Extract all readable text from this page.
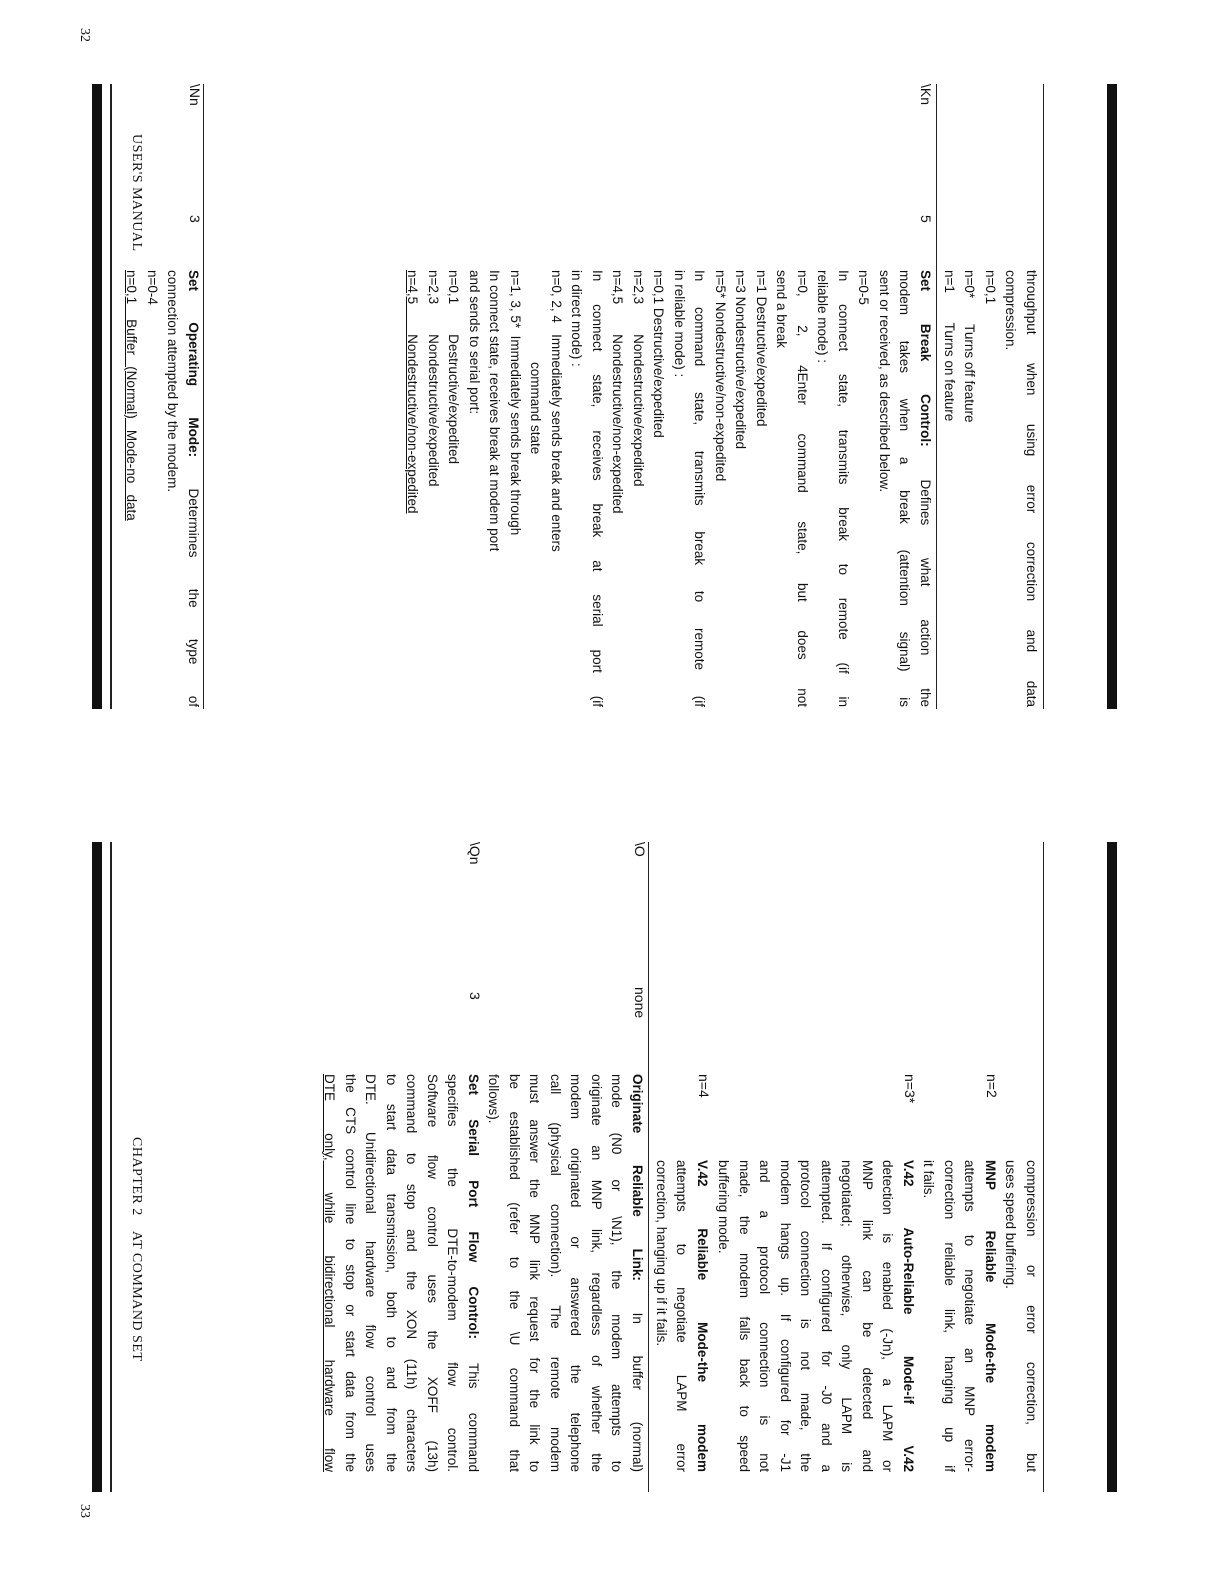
throughput when using error correction and data
compression.
n=0,1
n=0*       Turns off feature
n=1        Turns on feature
\Kn
5
Set Break Control: Defines what action the
modem takes when a break (attention signal) is
sent or received, as described below.
n=0-5
In connect state, transmits break to remote (if in
reliable mode) :
n=0, 2, 4Enter command state, but does not
send a break
n=1 Destructive/expedited
n=3 Nondestructive/expedited
n=5* Nondestructive/non-expedited
In command state, transmits break to remote (if
in reliable mode) :
n=0,1 Destructive/expedited
n=2,3        Nondestructive/expedited
n=4,5        Nondestructive/non-expedited
In connect state, receives break at serial port (if
in direct mode) :
n=0, 2, 4   Immediately sends break and enters
command state
n=1, 3, 5*  Immediately sends break through
In connect state, receives break at modem port
and sends to serial port:
n=0,1        Destructive/expedited
n=2,3        Nondestructive/expedited
n=4,5        Nondestructive/non-expedited
\Nn
3
Set Operating Mode: Determines the type of
connection attempted by the modem.
n=0-4
n=0,1    Buffer   (Normal)   Mode-no   data
32
USER'S MANUAL
compression or error correction, but
uses speed buffering.
n=2
MNP Reliable Mode-the modem
attempts to negotiate an MNP error-
correction reliable link, hanging up if
it fails.
n=3*
V.42 Auto-Reliable Mode-if V.42
detection is enabled (-Jn), a LAPM or
MNP link can be detected and
negotiated; otherwise, only LAPM is
attempted. If configured for -J0 and a
protocol connection is not made, the
modem hangs up. If configured for -J1
and a protocol connection is not
made, the modem falls back to speed
buffering mode.
n=4
V.42 Reliable Mode-the modem
attempts to negotiate LAPM error
correction, hanging up if it fails.
\O
none
Originate Reliable Link: In buffer (normal)
mode (N0 or \N1), the modem attempts to
originate an MNP link, regardless of whether the
modem originated or answered the telephone
call (physical connection). The remote modem
must answer the MNP link request for the link to
be established (refer to the \U command that
follows).
\Qn
3
Set Serial Port Flow Control: This command
specifies the DTE-to-modem flow control.
Software flow control uses the XOFF (13h)
command to stop and the XON (11h) characters
to start data transmission, both to and from the
DTE. Unidirectional hardware flow control uses
the CTS control line to stop or start data from the
DTE only, while bidirectional hardware flow
CHAPTER 2    AT COMMAND SET
33
